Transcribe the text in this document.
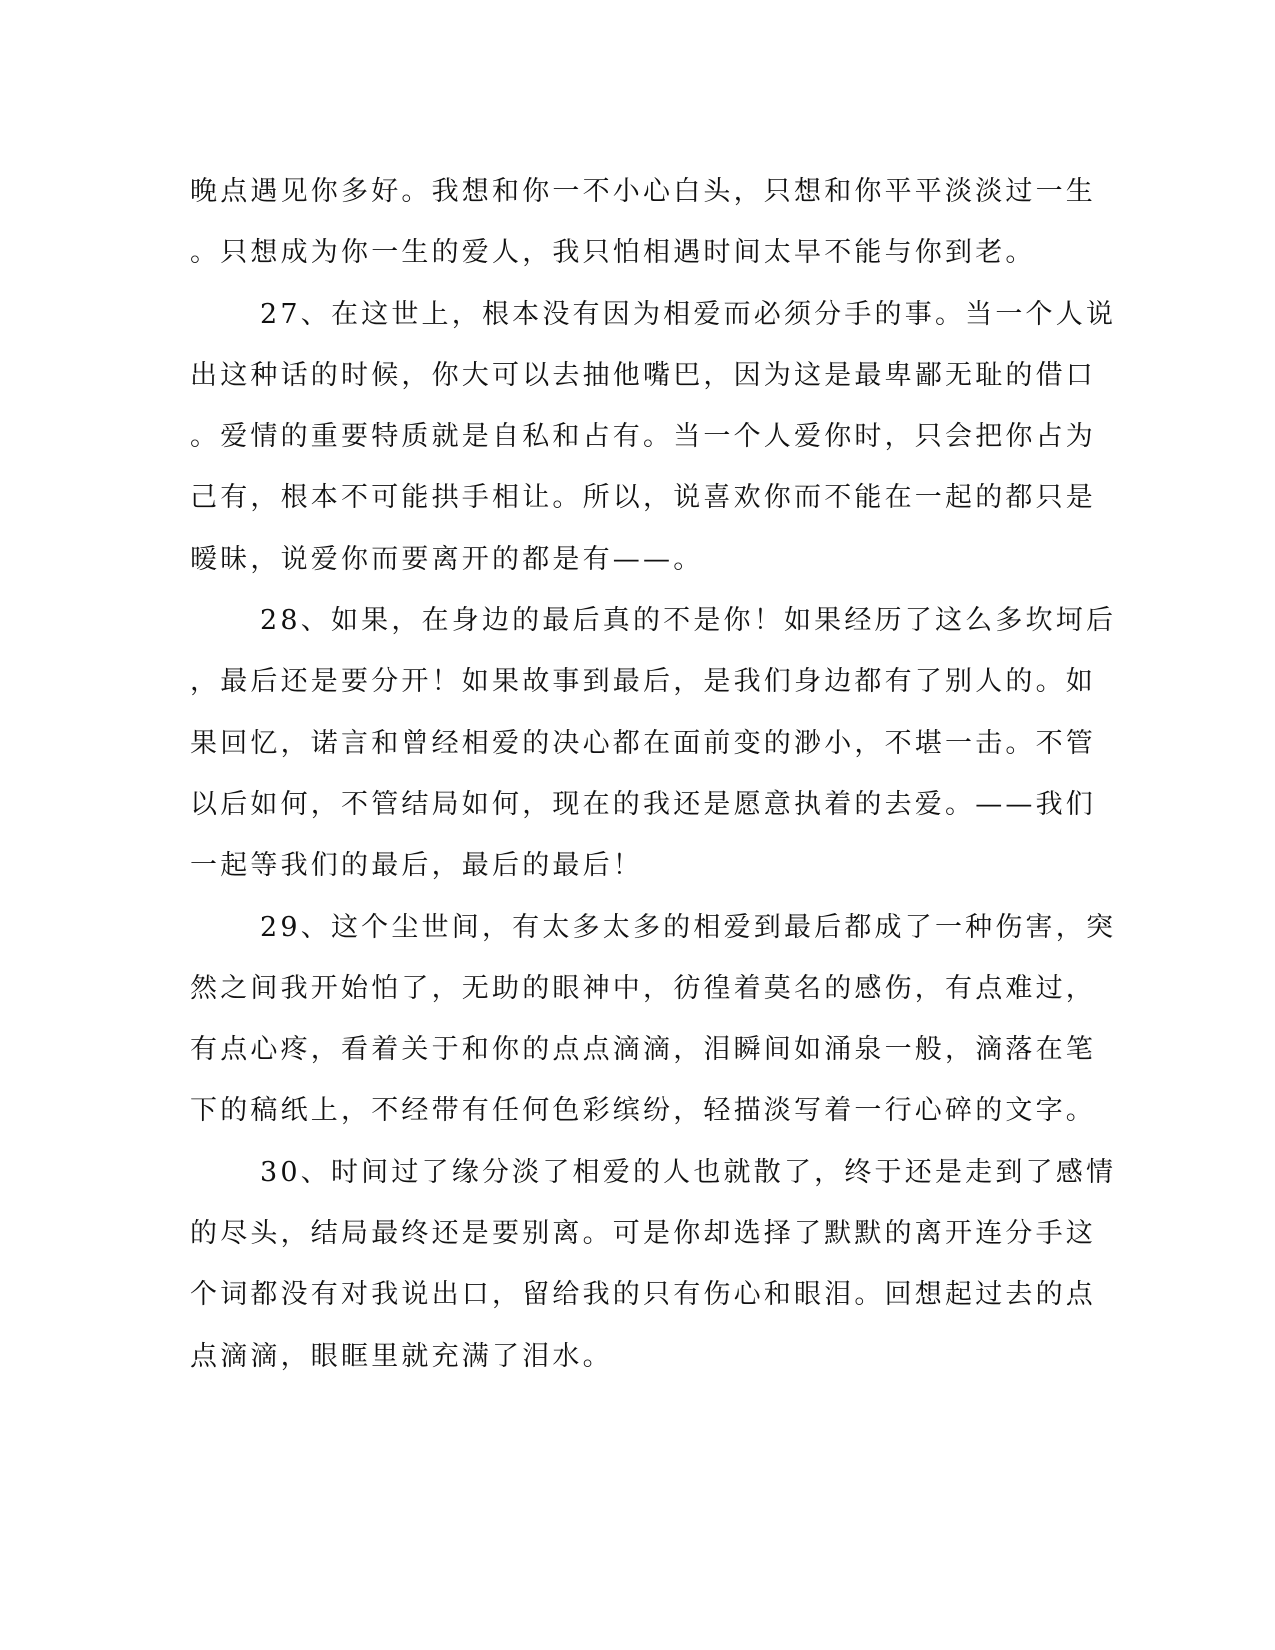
晚点遇见你多好。我想和你一不小心白头，只想和你平平淡淡过一生
。只想成为你一生的爱人，我只怕相遇时间太早不能与你到老。
27、在这世上，根本没有因为相爱而必须分手的事。当一个人说
出这种话的时候，你大可以去抽他嘴巴，因为这是最卑鄙无耻的借口
。爱情的重要特质就是自私和占有。当一个人爱你时，只会把你占为
己有，根本不可能拱手相让。所以，说喜欢你而不能在一起的都只是
暧昧，说爱你而要离开的都是有——。
28、如果，在身边的最后真的不是你！如果经历了这么多坎坷后
，最后还是要分开！如果故事到最后，是我们身边都有了别人的。如
果回忆，诺言和曾经相爱的决心都在面前变的渺小，不堪一击。不管
以后如何，不管结局如何，现在的我还是愿意执着的去爱。——我们
一起等我们的最后，最后的最后！
29、这个尘世间，有太多太多的相爱到最后都成了一种伤害，突
然之间我开始怕了，无助的眼神中，彷徨着莫名的感伤，有点难过，
有点心疼，看着关于和你的点点滴滴，泪瞬间如涌泉一般，滴落在笔
下的稿纸上，不经带有任何色彩缤纷，轻描淡写着一行心碎的文字。
30、时间过了缘分淡了相爱的人也就散了，终于还是走到了感情
的尽头，结局最终还是要别离。可是你却选择了默默的离开连分手这
个词都没有对我说出口，留给我的只有伤心和眼泪。回想起过去的点
点滴滴，眼眶里就充满了泪水。
